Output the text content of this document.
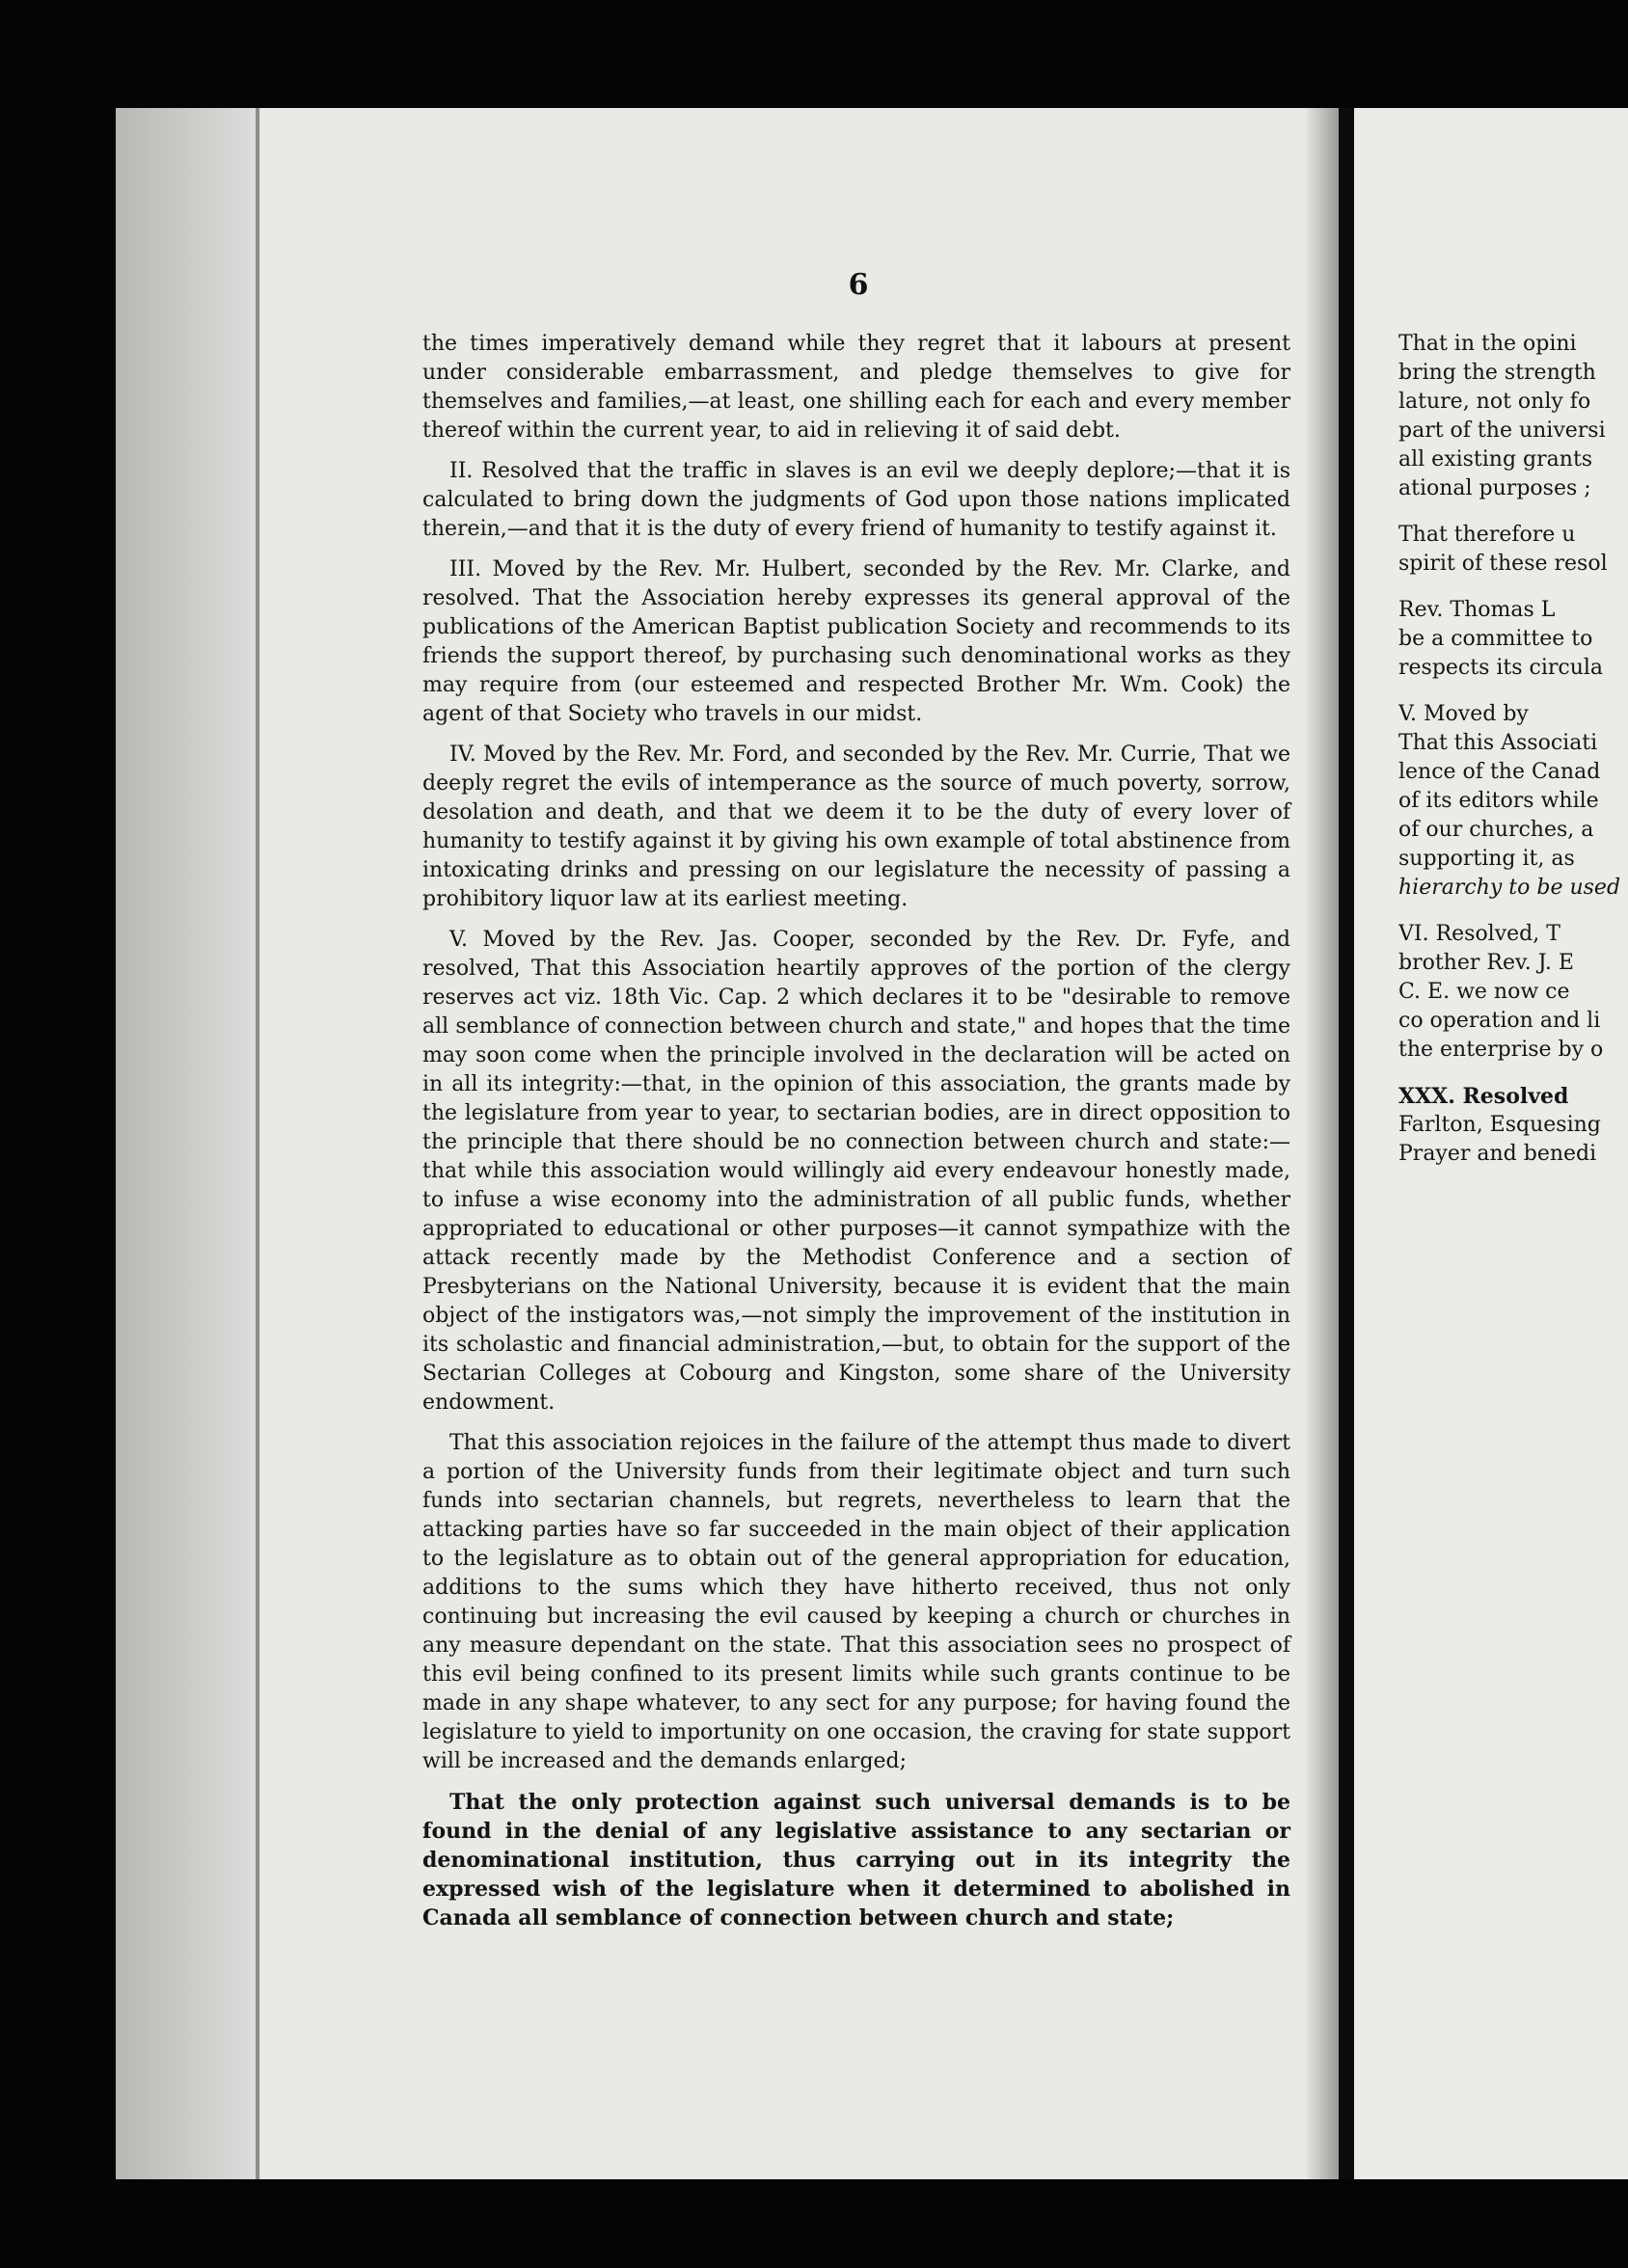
6

the times imperatively demand while they regret that it labours at present under considerable embarrassment, and pledge themselves to give for themselves and families,—at least, one shilling each for each and every member thereof within the current year, to aid in relieving it of said debt.

II. Resolved that the traffic in slaves is an evil we deeply deplore;—that it is calculated to bring down the judgments of God upon those nations implicated therein,—and that it is the duty of every friend of humanity to testify against it.

III. Moved by the Rev. Mr. Hulbert, seconded by the Rev. Mr. Clarke, and resolved. That the Association hereby expresses its general approval of the publications of the American Baptist publication Society and recommends to its friends the support thereof, by purchasing such denominational works as they may require from (our esteemed and respected Brother Mr. Wm. Cook) the agent of that Society who travels in our midst.

IV. Moved by the Rev. Mr. Ford, and seconded by the Rev. Mr. Currie, That we deeply regret the evils of intemperance as the source of much poverty, sorrow, desolation and death, and that we deem it to be the duty of every lover of humanity to testify against it by giving his own example of total abstinence from intoxicating drinks and pressing on our legislature the necessity of passing a prohibitory liquor law at its earliest meeting.

V. Moved by the Rev. Jas. Cooper, seconded by the Rev. Dr. Fyfe, and resolved, That this Association heartily approves of the portion of the clergy reserves act viz. 18th Vic. Cap. 2 which declares it to be "desirable to remove all semblance of connection between church and state," and hopes that the time may soon come when the principle involved in the declaration will be acted on in all its integrity:—that, in the opinion of this association, the grants made by the legislature from year to year, to sectarian bodies, are in direct opposition to the principle that there should be no connection between church and state:—that while this association would willingly aid every endeavour honestly made, to infuse a wise economy into the administration of all public funds, whether appropriated to educational or other purposes—it cannot sympathize with the attack recently made by the Methodist Conference and a section of Presbyterians on the National University, because it is evident that the main object of the instigators was,—not simply the improvement of the institution in its scholastic and financial administration,—but, to obtain for the support of the Sectarian Colleges at Cobourg and Kingston, some share of the University endowment.

That this association rejoices in the failure of the attempt thus made to divert a portion of the University funds from their legitimate object and turn such funds into sectarian channels, but regrets, nevertheless to learn that the attacking parties have so far succeeded in the main object of their application to the legislature as to obtain out of the general appropriation for education, additions to the sums which they have hitherto received, thus not only continuing but increasing the evil caused by keeping a church or churches in any measure dependant on the state. That this association sees no prospect of this evil being confined to its present limits while such grants continue to be made in any shape whatever, to any sect for any purpose; for having found the legislature to yield to importunity on one occasion, the craving for state support will be increased and the demands enlarged;

That the only protection against such universal demands is to be found in the denial of any legislative assistance to any sectarian or denominational institution, thus carrying out in its integrity the expressed wish of the legislature when it determined to abolished in Canada all semblance of connection between church and state;

That in the opini
bring the strength
lature, not only fo
part of the universi
all existing grants
ational purposes ;
That therefore u
spirit of these resol
Rev. Thomas L
be a committee to
respects its circula
V. Moved by
That this Associati
lence of the Canad
of its editors while
of our churches, a
supporting it, as
hierarchy to be used
VI. Resolved, T
brother Rev. J. E
C. E. we now ce
co operation and li
the enterprise by o
XXX. Resolved
Farlton, Esquesing
Prayer and benedi
